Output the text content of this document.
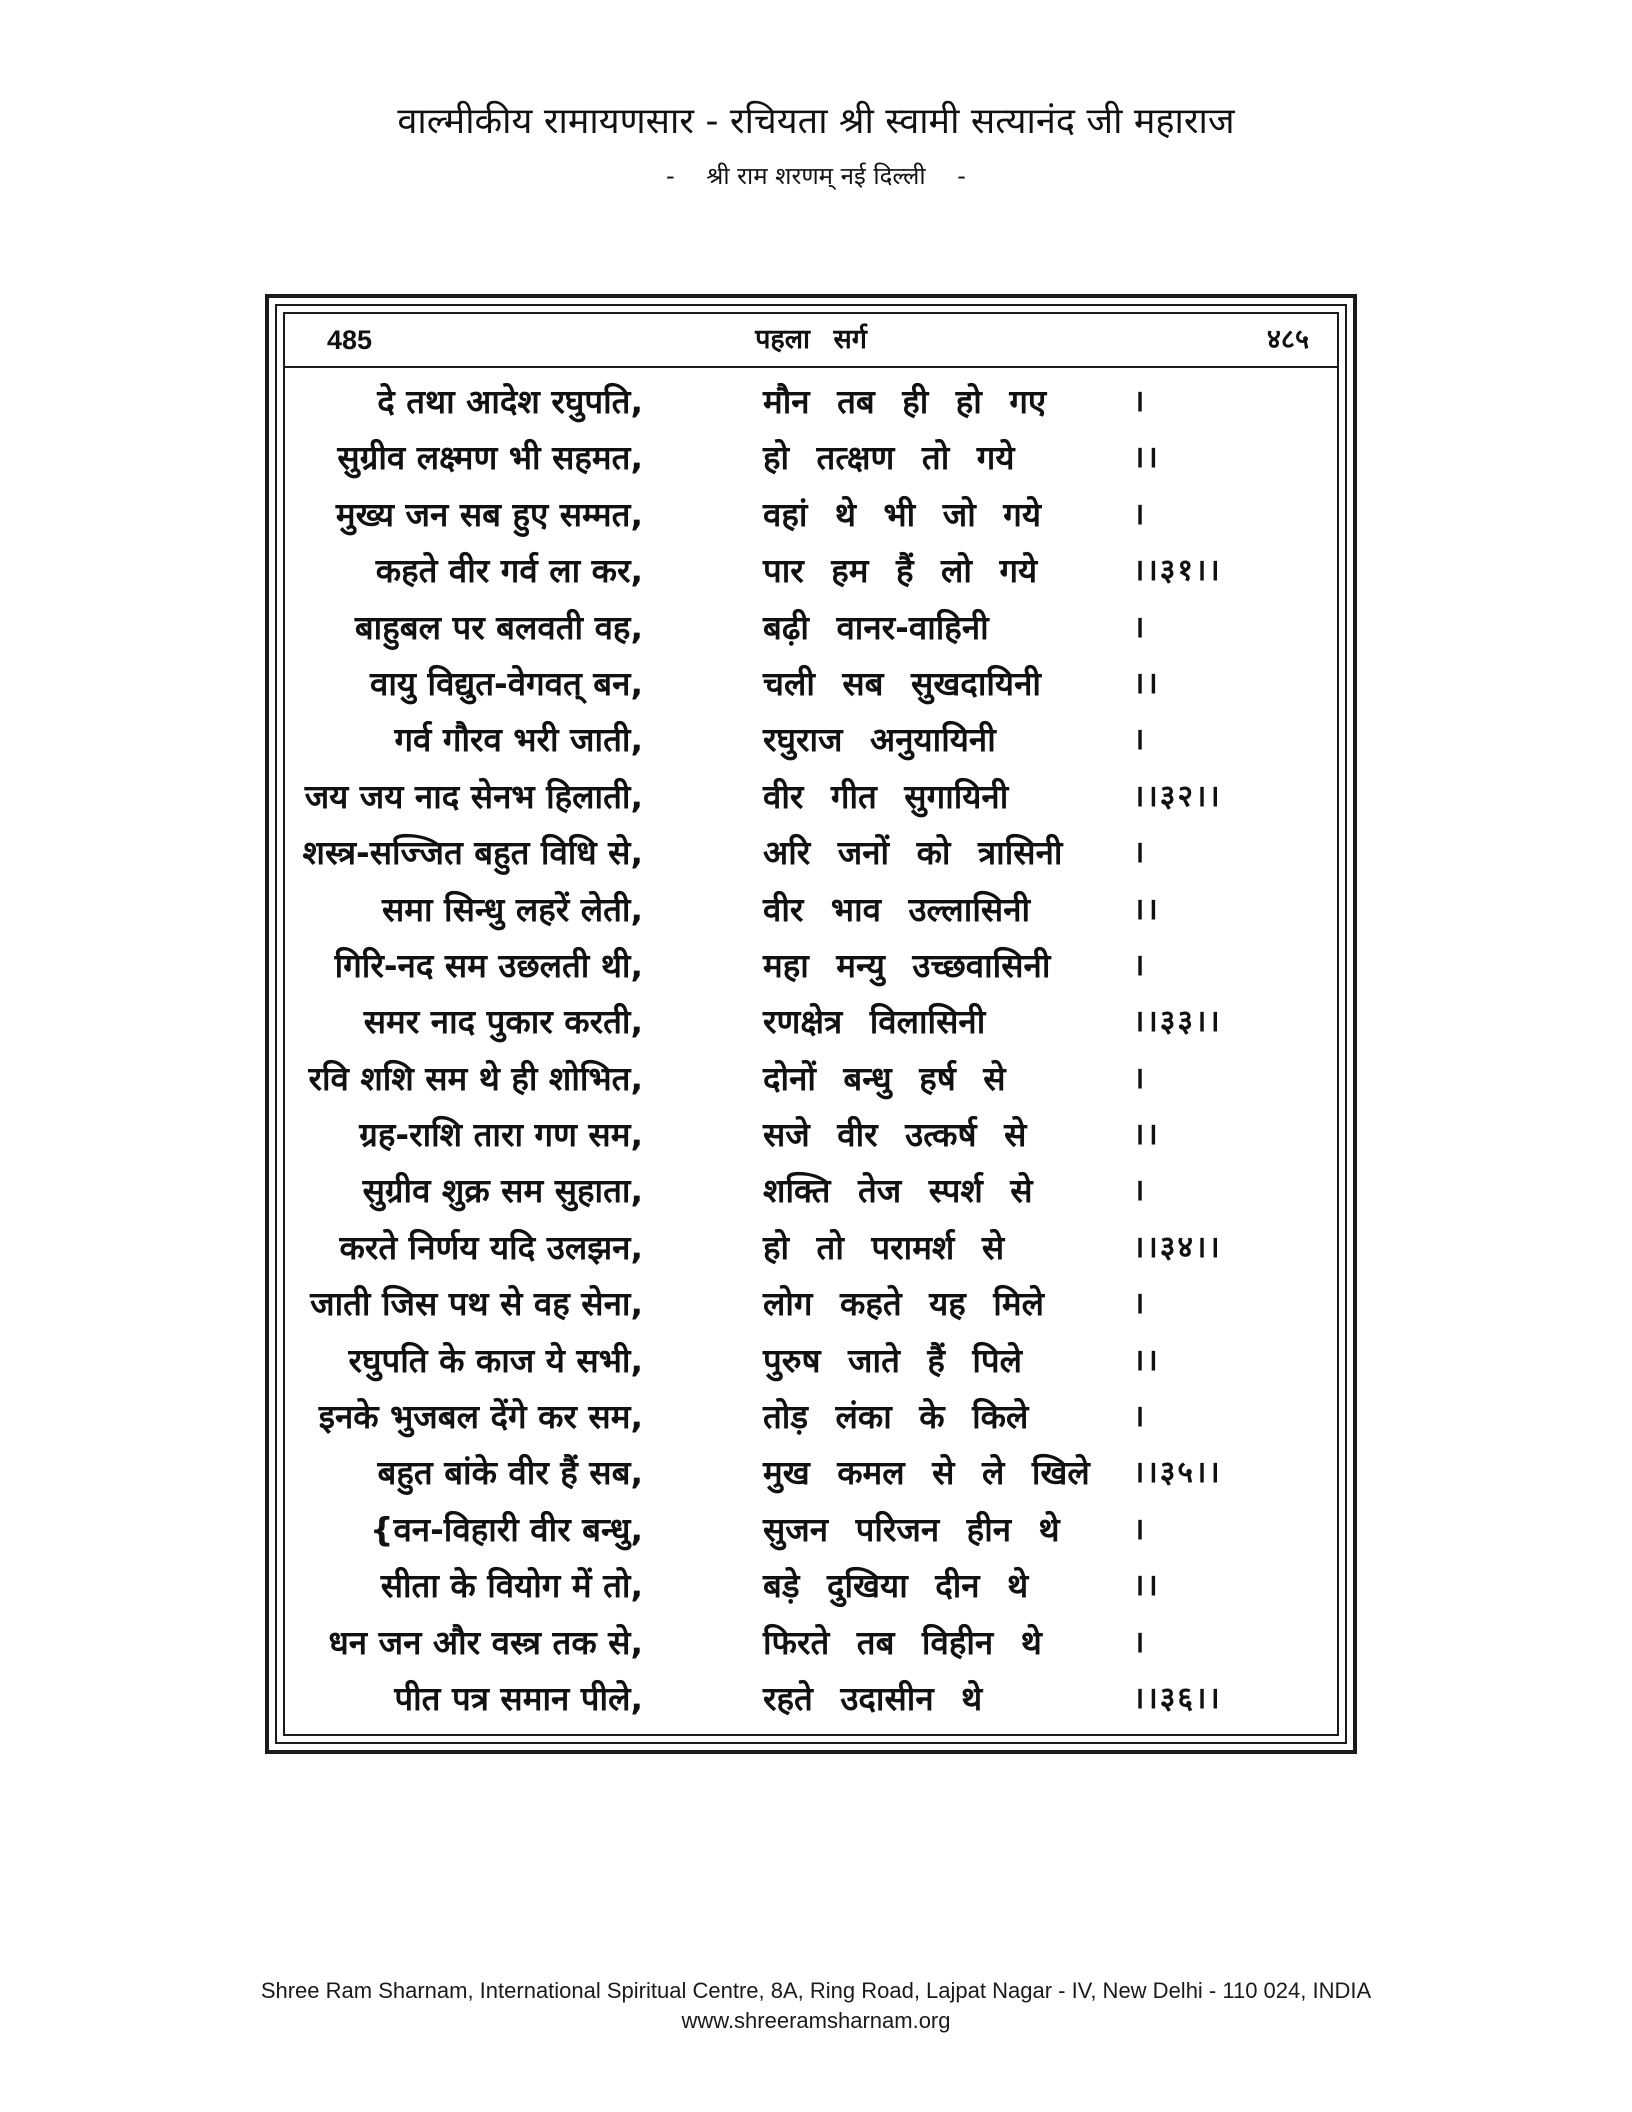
वाल्मीकीय रामायणसार - रचियता श्री स्वामी सत्यानंद जी महाराज
- श्री राम शरणम् नई दिल्ली -
485	पहला सर्ग	४८५
दे तथा आदेश रघुपति,	मौन तब ही हो गए	।
सुग्रीव लक्ष्मण भी सहमत,	हो तत्क्षण तो गये	।।
मुख्य जन सब हुए सम्मत,	वहां थे भी जो गये	।
कहते वीर गर्व ला कर,	पार हम हैं लो गये	।।३१।।
बाहुबल पर बलवती वह,	बढ़ी वानर-वाहिनी	।
वायु विद्युत-वेगवत् बन,	चली सब सुखदायिनी	।।
गर्व गौरव भरी जाती,	रघुराज अनुयायिनी	।
जय जय नाद सेनभ हिलाती,	वीर गीत सुगायिनी	।।३२।।
शस्त्र-सज्जित बहुत विधि से,	अरि जनों को त्रासिनी	।
समा सिन्धु लहरें लेती,	वीर भाव उल्लासिनी	।।
गिरि-नद सम उछलती थी,	महा मन्यु उच्छवासिनी	।
समर नाद पुकार करती,	रणक्षेत्र विलासिनी	।।३३।।
रवि शशि सम थे ही शोभित,	दोनों बन्धु हर्ष से	।
ग्रह-राशि तारा गण सम,	सजे वीर उत्कर्ष से	।।
सुग्रीव शुक्र सम सुहाता,	शक्ति तेज स्पर्श से	।
करते निर्णय यदि उलझन,	हो तो परामर्श से	।।३४।।
जाती जिस पथ से वह सेना,	लोग कहते यह मिले	।
रघुपति के काज ये सभी,	पुरुष जाते हैं पिले	।।
इनके भुजबल देंगे कर सम,	तोड़ लंका के किले	।
बहुत बांके वीर हैं सब,	मुख कमल से ले खिले	।।३५।।
{वन-विहारी वीर बन्धु,	सुजन परिजन हीन थे	।
सीता के वियोग में तो,	बड़े दुखिया दीन थे	।।
धन जन और वस्त्र तक से,	फिरते तब विहीन थे	।
पीत पत्र समान पीले,	रहते उदासीन थे	।।३६।।
Shree Ram Sharnam, International Spiritual Centre, 8A, Ring Road, Lajpat Nagar - IV, New Delhi - 110 024, INDIA
www.shreeramsharnam.org
